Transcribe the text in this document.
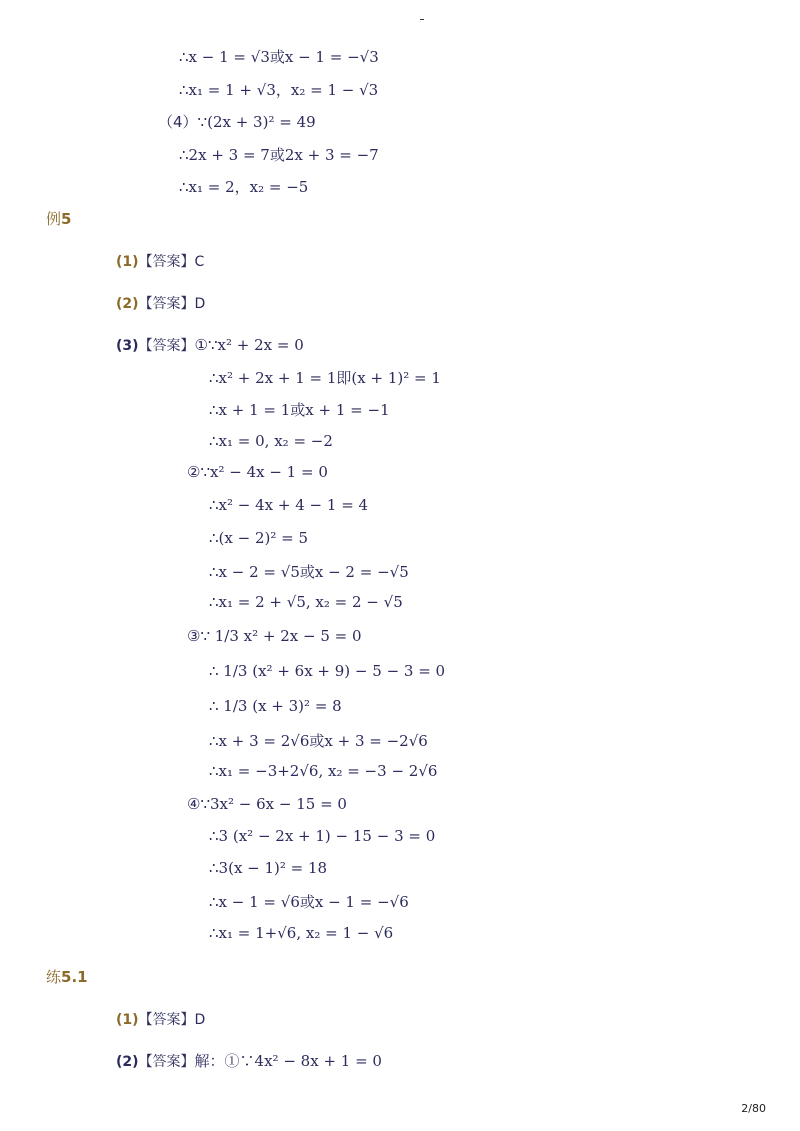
∴x − 1 = √3或x − 1 = −√3
∴x₁ = 1 + √3，x₂ = 1 − √3
（4）∵(2x + 3)² = 49
∴2x + 3 = 7或2x + 3 = −7
∴x₁ = 2，x₂ = −5
例5
(1)【答案】C
(2)【答案】D
(3)【答案】①∵x² + 2x = 0
∴x² + 2x + 1 = 1即(x + 1)² = 1
∴x + 1 = 1或x + 1 = −1
∴x₁ = 0, x₂ = −2
②∵x² − 4x − 1 = 0
∴x² − 4x + 4 − 1 = 4
∴(x − 2)² = 5
∴x − 2 = √5或x − 2 = −√5
∴x₁ = 2 + √5, x₂ = 2 − √5
③∵ 1/3 x² + 2x − 5 = 0
∴ 1/3 (x² + 6x + 9) − 5 − 3 = 0
∴ 1/3 (x + 3)² = 8
∴x + 3 = 2√6或x + 3 = −2√6
∴x₁ = −3+2√6, x₂ = −3 − 2√6
④∵3x² − 6x − 15 = 0
∴3 (x² − 2x + 1) − 15 − 3 = 0
∴3(x − 1)² = 18
∴x − 1 = √6或x − 1 = −√6
∴x₁ = 1+√6, x₂ = 1 − √6
练5.1
(1)【答案】D
(2)【答案】解：①∵4x² − 8x + 1 = 0
2/80
